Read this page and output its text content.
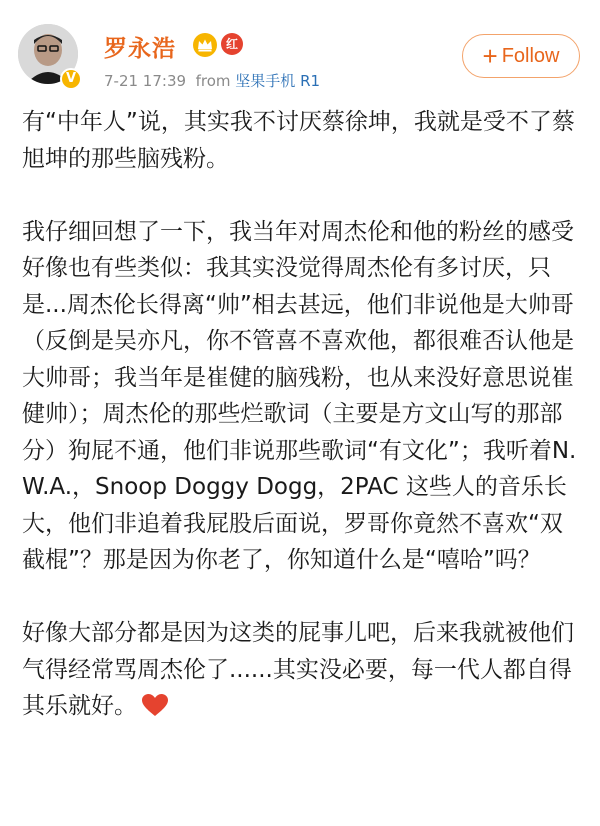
V
罗永浩	红
7-21 17:39 from 坚果手机 R1
+ Follow

有“中年人”说，其实我不讨厌蔡徐坤，我就是受不了蔡旭坤的那些脑残粉。

我仔细回想了一下，我当年对周杰伦和他的粉丝的感受好像也有些类似：我其实没觉得周杰伦有多讨厌，只是...周杰伦长得离“帅”相去甚远，他们非说他是大帅哥（反倒是吴亦凡，你不管喜不喜欢他，都很难否认他是大帅哥；我当年是崔健的脑残粉，也从来没好意思说崔健帅）；周杰伦的那些烂歌词（主要是方文山写的那部分）狗屁不通，他们非说那些歌词“有文化”；我听着N.W.A.，Snoop Doggy Dogg，2PAC 这些人的音乐长大，他们非追着我屁股后面说，罗哥你竟然不喜欢“双截棍”？那是因为你老了，你知道什么是“嘻哈”吗？

好像大部分都是因为这类的屁事儿吧，后来我就被他们气得经常骂周杰伦了......其实没必要，每一代人都自得其乐就好。
